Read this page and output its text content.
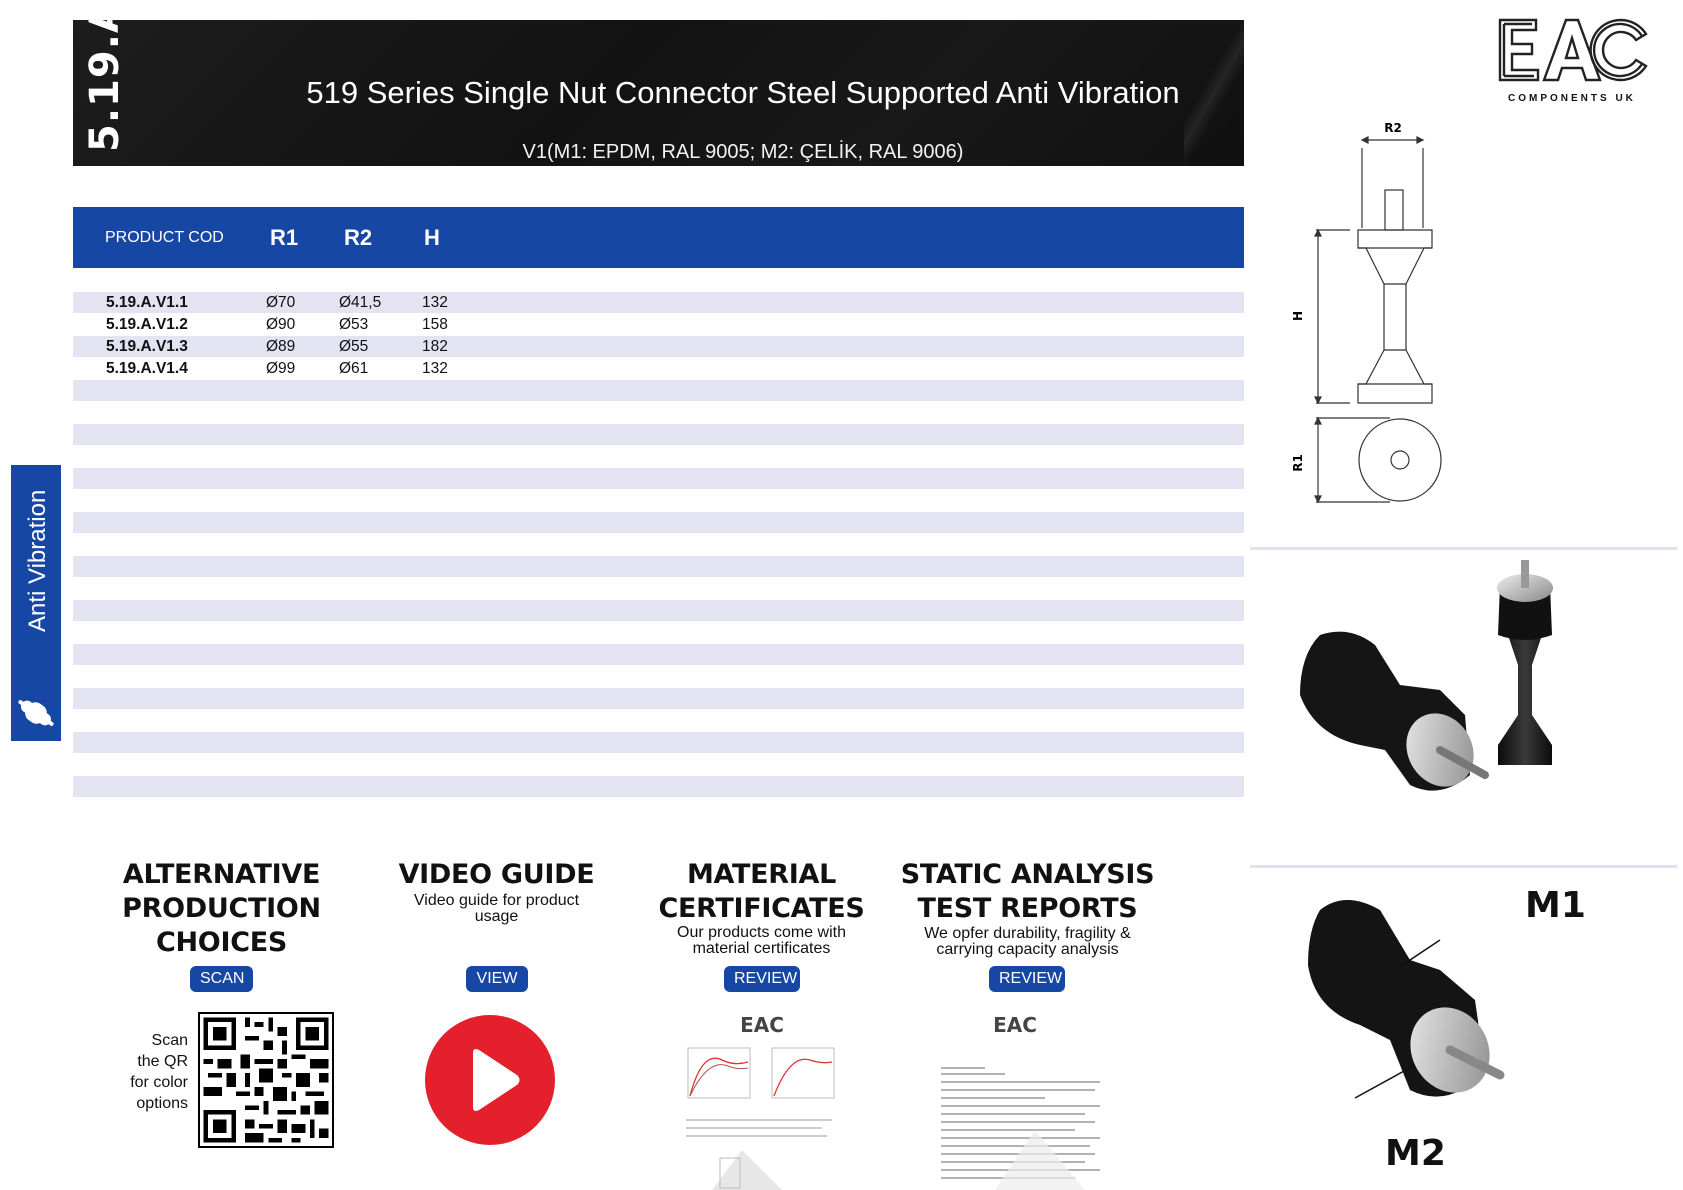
519 Series Single Nut Connector Steel Supported Anti Vibration
V1(M1: EPDM, RAL 9005; M2: ÇELİK, RAL 9006)
5.19.A	COMPONENTS UK
PRODUCT COD R1 R2 H
5.19.A.V1.1	Ø70	Ø41,5	132
5.19.A.V1.2	Ø90	Ø53	158
5.19.A.V1.3	Ø89	Ø55	182
5.19.A.V1.4	Ø99	Ø61	132
Anti Vibration
R2
H
R1
M1
M2
ALTERNATIVE
PRODUCTION
CHOICES
SCAN
Scan
the QR
for color
options
VIDEO GUIDE
Video guide for product
usage
VIEW
MATERIAL
CERTIFICATES
Our products come with
material certificates
REVIEW
EAC
STATIC ANALYSIS
TEST REPORTS
We opfer durability, fragility &
carrying capacity analysis
REVIEW
EAC
